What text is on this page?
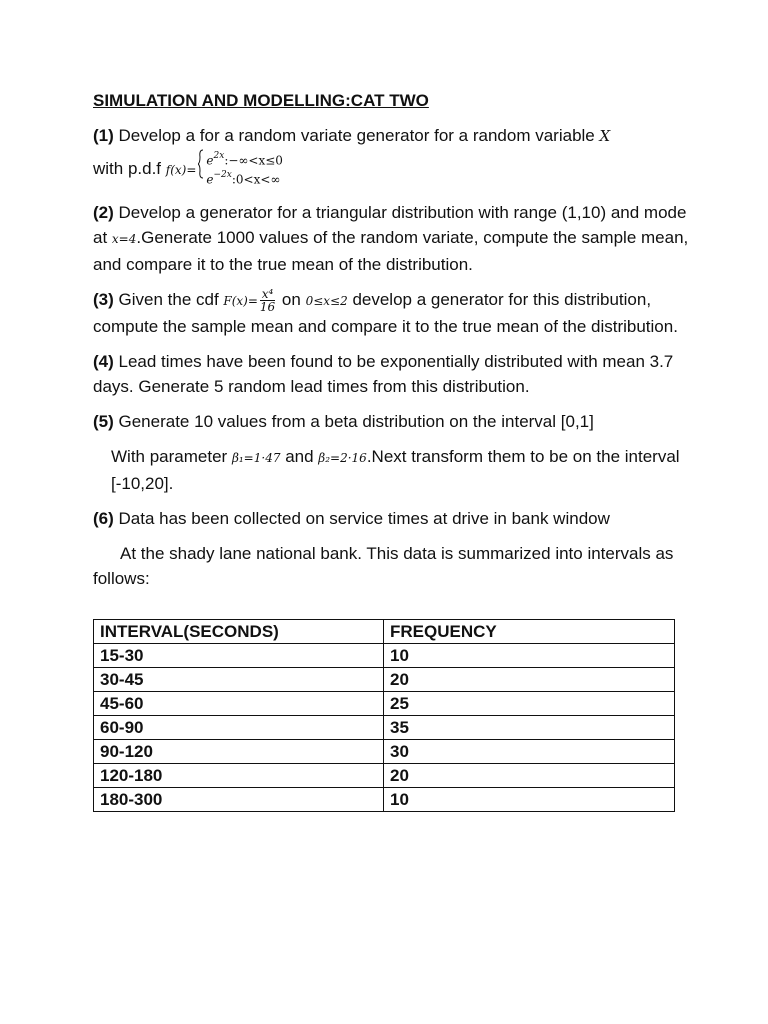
SIMULATION AND MODELLING:CAT TWO
(1) Develop a for a random variate generator for a random variable X
with p.d.f f(x)=
$e^{2x}:-\infty<x\le 0$
$e^{-2x}:0<x<\infty$
(2) Develop a generator for a triangular distribution with range (1,10) and mode at x=4.Generate 1000 values of the random variate, compute the sample mean, and compare it to the true mean of the distribution.
(3) Given the cdf $F(x)= \frac{\text{x⁴}}{16}$ on 0≤x≤2 develop a generator for this distribution, compute the sample mean and compare it to the true mean of the distribution.
(4) Lead times have been found to be exponentially distributed with mean 3.7 days. Generate 5 random lead times from this distribution.
(5) Generate 10 values from a beta distribution on the interval [0,1]
With parameter β₁=1·47 and β₂=2·16.Next transform them to be on the interval [-10,20].
(6) Data has been collected on service times at drive in bank window
At the shady lane national bank. This data is summarized into intervals as follows:
INTERVAL(SECONDS)	FREQUENCY
15-30	10
30-45	20
45-60	25
60-90	35
90-120	30
120-180	20
180-300	10
